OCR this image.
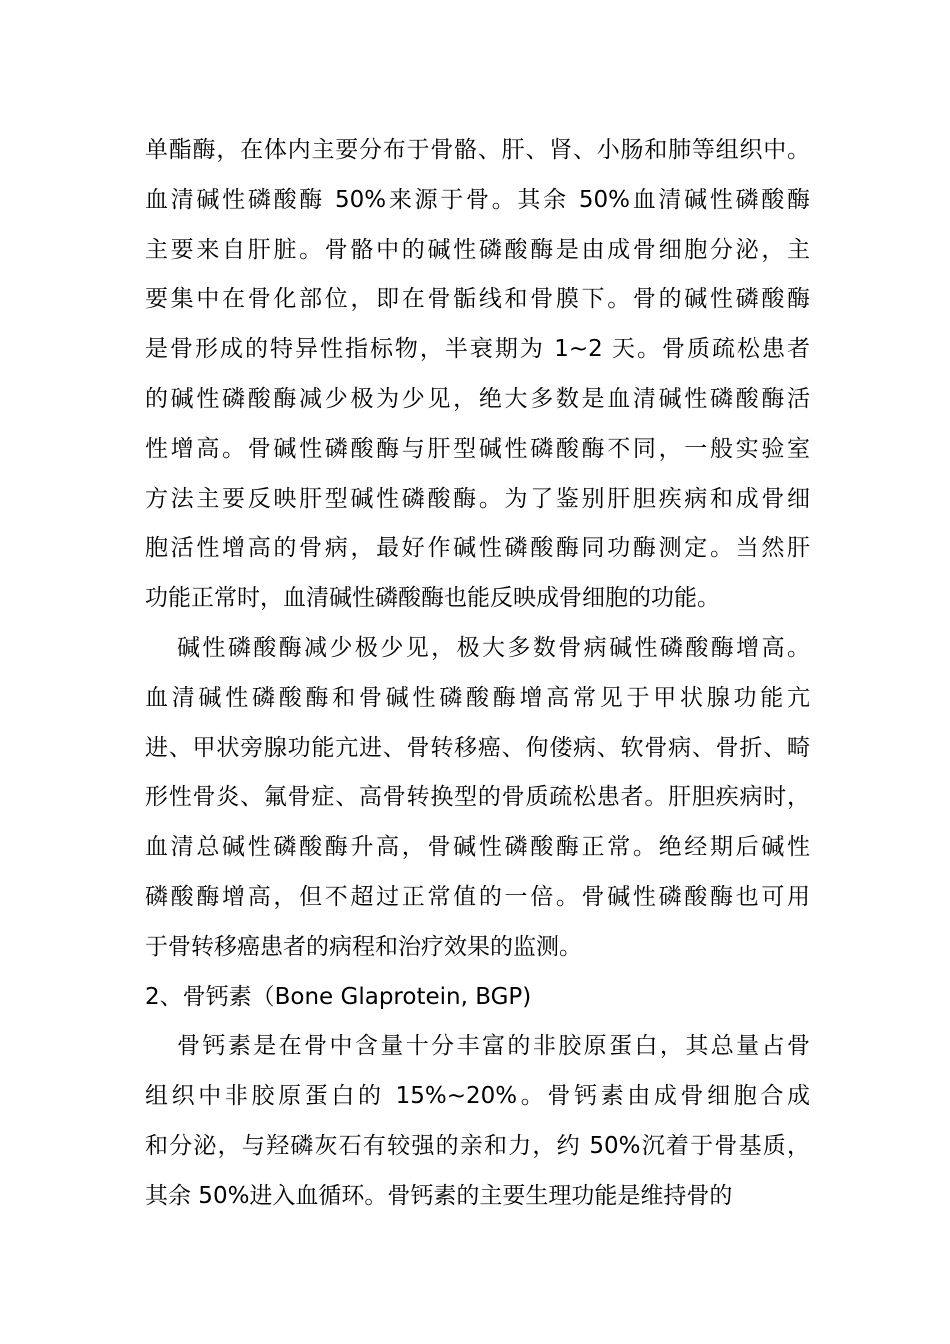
单酯酶，在体内主要分布于骨骼、肝、肾、小肠和肺等组织中。
血清碱性磷酸酶 50%来源于骨。其余 50%血清碱性磷酸酶
主要来自肝脏。骨骼中的碱性磷酸酶是由成骨细胞分泌，主
要集中在骨化部位，即在骨骺线和骨膜下。骨的碱性磷酸酶
是骨形成的特异性指标物，半衰期为 1~2 天。骨质疏松患者
的碱性磷酸酶减少极为少见，绝大多数是血清碱性磷酸酶活
性增高。骨碱性磷酸酶与肝型碱性磷酸酶不同，一般实验室
方法主要反映肝型碱性磷酸酶。为了鉴别肝胆疾病和成骨细
胞活性增高的骨病，最好作碱性磷酸酶同功酶测定。当然肝
功能正常时，血清碱性磷酸酶也能反映成骨细胞的功能。
碱性磷酸酶减少极少见，极大多数骨病碱性磷酸酶增高。
血清碱性磷酸酶和骨碱性磷酸酶增高常见于甲状腺功能亢
进、甲状旁腺功能亢进、骨转移癌、佝偻病、软骨病、骨折、畸
形性骨炎、氟骨症、高骨转换型的骨质疏松患者。肝胆疾病时，
血清总碱性磷酸酶升高，骨碱性磷酸酶正常。绝经期后碱性
磷酸酶增高，但不超过正常值的一倍。骨碱性磷酸酶也可用
于骨转移癌患者的病程和治疗效果的监测。
2、骨钙素（Bone Glaprotein, BGP)
骨钙素是在骨中含量十分丰富的非胶原蛋白，其总量占骨
组织中非胶原蛋白的 15%~20%。骨钙素由成骨细胞合成
和分泌，与羟磷灰石有较强的亲和力，约 50%沉着于骨基质，
其余 50%进入血循环。骨钙素的主要生理功能是维持骨的
